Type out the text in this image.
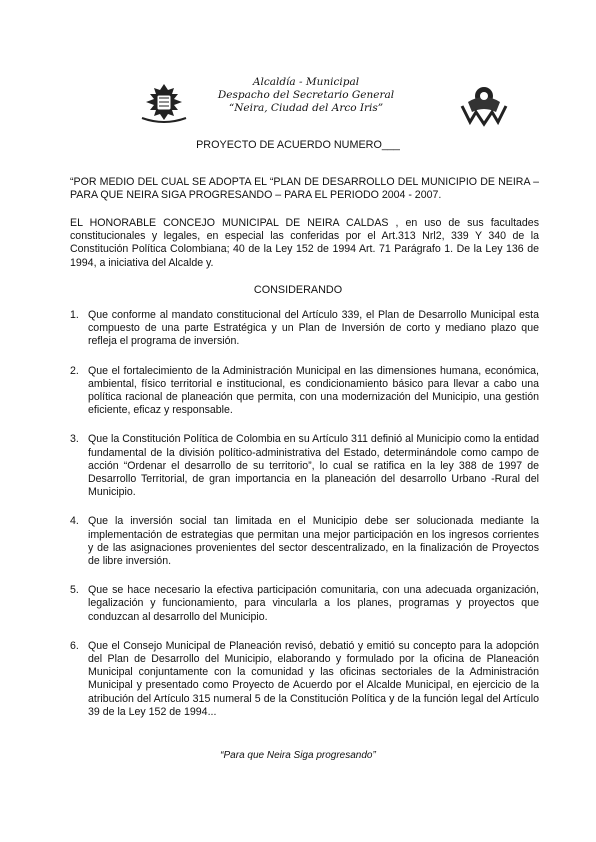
Alcaldía - Municipal
Despacho del Secretario General
“Neira, Ciudad del Arco Iris”
PROYECTO DE ACUERDO NUMERO___
“POR MEDIO DEL CUAL SE ADOPTA EL “PLAN DE DESARROLLO DEL MUNICIPIO DE NEIRA – PARA QUE NEIRA SIGA PROGRESANDO – PARA EL PERIODO 2004 - 2007.
EL HONORABLE CONCEJO MUNICIPAL DE NEIRA CALDAS , en uso de sus facultades constitucionales y legales, en especial las conferidas por el Art.313 Nrl2, 339 Y 340 de la Constitución Política Colombiana; 40 de la Ley 152 de 1994 Art. 71 Parágrafo 1. De la Ley 136 de 1994, a iniciativa del Alcalde y.
CONSIDERANDO
1. Que conforme al mandato constitucional del Artículo 339, el Plan de Desarrollo Municipal esta compuesto de una parte Estratégica y un Plan de Inversión de corto y mediano plazo que refleja el programa de inversión.
2. Que el fortalecimiento de la Administración Municipal en las dimensiones humana, económica, ambiental, físico territorial e institucional, es condicionamiento básico para llevar a cabo una política racional de planeación que permita, con una modernización del Municipio, una gestión eficiente, eficaz y responsable.
3. Que la Constitución Política de Colombia en su Artículo 311 definió al Municipio como la entidad fundamental de la división político-administrativa del Estado, determinándole como campo de acción “Ordenar el desarrollo de su territorio”, lo cual se ratifica en la ley 388 de 1997 de Desarrollo Territorial, de gran importancia en la planeación del desarrollo Urbano -Rural del Municipio.
4. Que la inversión social tan limitada en el Municipio debe ser solucionada mediante la implementación de estrategias que permitan una mejor participación en los ingresos corrientes y de las asignaciones provenientes del sector descentralizado, en la finalización de Proyectos de libre inversión.
5. Que se hace necesario la efectiva participación comunitaria, con una adecuada organización, legalización y funcionamiento, para vincularla a los planes, programas y proyectos que conduzcan al desarrollo del Municipio.
6. Que el Consejo Municipal de Planeación revisó, debatió y emitió su concepto para la adopción del Plan de Desarrollo del Municipio, elaborando y formulado por la oficina de Planeación Municipal conjuntamente con la comunidad y las oficinas sectoriales de la Administración Municipal y presentado como Proyecto de Acuerdo por el Alcalde Municipal, en ejercicio de la atribución del Artículo 315 numeral 5 de la Constitución Política y de la función legal del Artículo 39 de la Ley 152 de 1994...
“Para que Neira Siga progresando”
